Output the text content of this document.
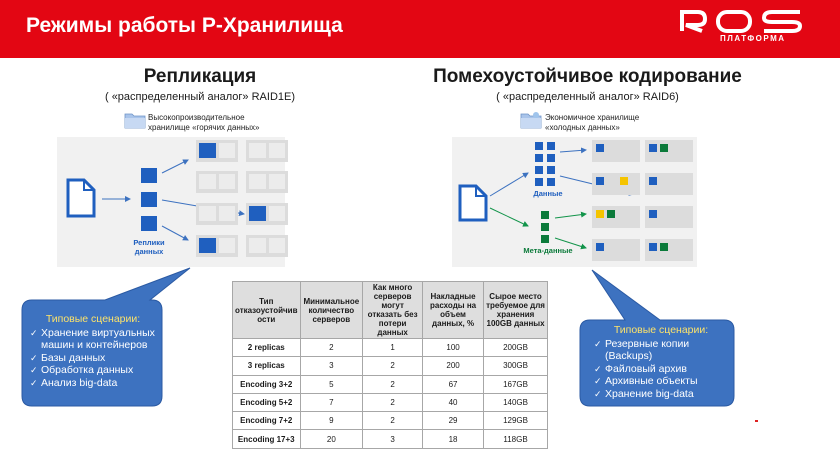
Режимы работы Р-Хранилища
ПЛАТФОРМА
Репликация
( «распределенный аналог» RAID1E)
Помехоустойчивое кодирование
( «распределенный аналог» RAID6)
Высокопроизводительное
хранилище «горячих данных»
Экономичное хранилище
«холодных данных»
Реплики
данных
Данные
Мета-данные
Типовые сценарии:
✓ Хранение виртуальных машин и контейнеров
✓ Базы данных
✓ Обработка данных
✓ Анализ big-data
Типовые сценарии:
✓ Резервные копии (Backups)
✓ Файловый архив
✓ Архивные объекты
✓ Хранение big-data
Тип отказоустойчив ости	Минимальное количество серверов	Как много серверов могут отказать без потери данных	Накладные расходы на объем данных, %	Сырое место требуемое для хранения 100GB данных
2 replicas	2	1	100	200GB
3 replicas	3	2	200	300GB
Encoding 3+2	5	2	67	167GB
Encoding 5+2	7	2	40	140GB
Encoding 7+2	9	2	29	129GB
Encoding 17+3	20	3	18	118GB
